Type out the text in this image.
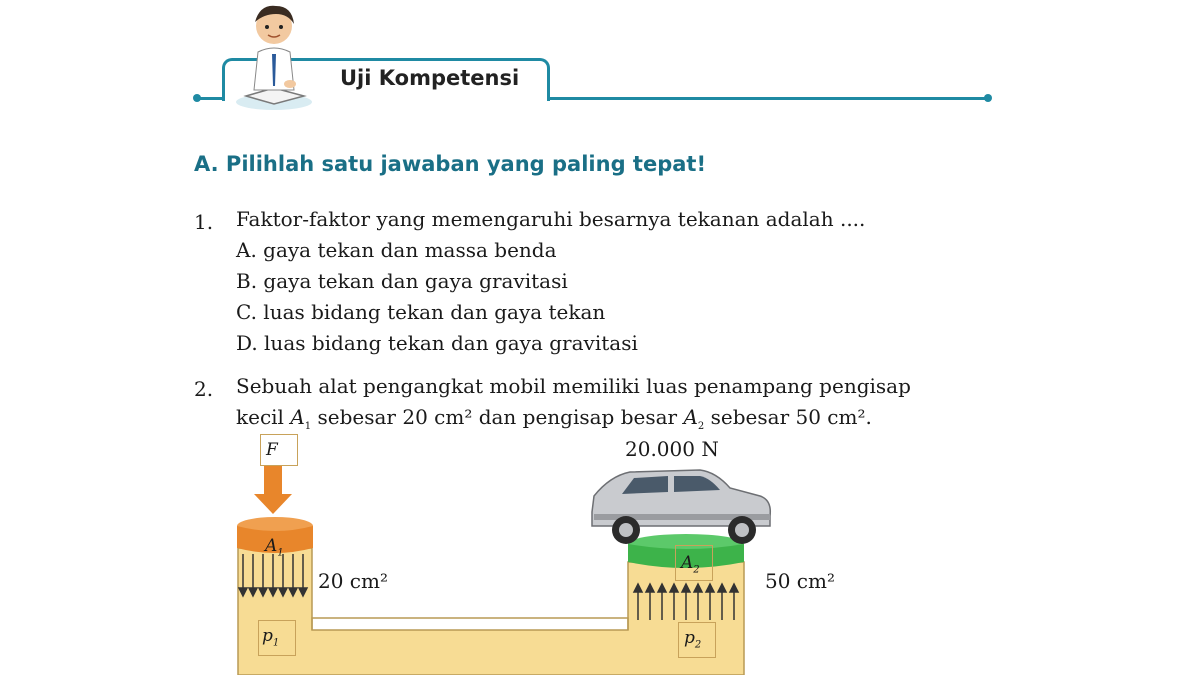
Uji Kompetensi
A. Pilihlah satu jawaban yang paling tepat!
1. Faktor-faktor yang memengaruhi besarnya tekanan adalah ....
A. gaya tekan dan massa benda
B. gaya tekan dan gaya gravitasi
C. luas bidang tekan dan gaya tekan
D. luas bidang tekan dan gaya gravitasi
2. Sebuah alat pengangkat mobil memiliki luas penampang pengisap
kecil $A_1$ sebesar 20 cm² dan pengisap besar $A_2$ sebesar 50 cm².
F	20.000 N
$A_1$
$A_2$
20 cm²	50 cm²
$p_1$	$p_2$
